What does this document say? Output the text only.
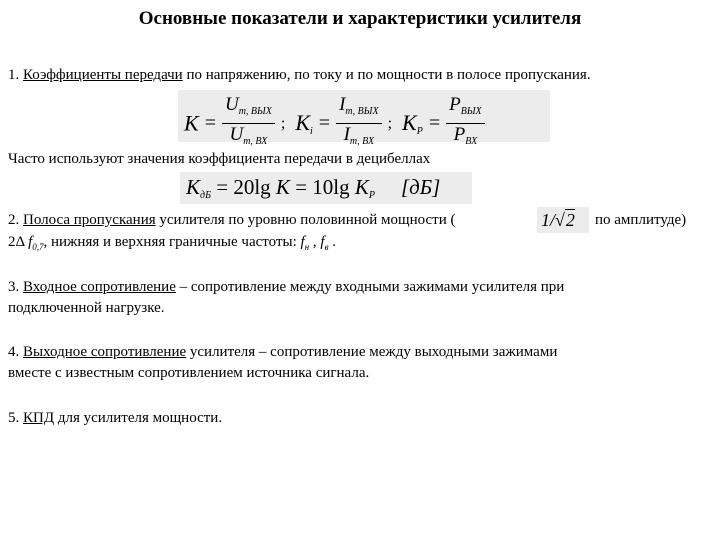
Основные показатели и характеристики усилителя
1. Коэффициенты передачи по напряжению, по току и по мощности в полосе пропускания.
$K = \frac{U_{m, ВЫХ}}{U_{m, ВХ}}$ ; $K_i = \frac{I_{m, ВЫХ}}{I_{m, ВХ}}$ ; $K_P = \frac{P_{ВЫХ}}{P_{ВХ}}$
Часто используют значения коэффициента передачи в децибеллах
$K_{дБ} = 20\lg$ K = 10lg $K_P$ [дБ]
2. Полоса пропускания усилителя по уровню половинной мощности (	1/√2	по амплитуде)
2Δ $f_{0,7}$, нижняя и верхняя граничные частоты: $f_н$ , $f_в$ .
3. Входное сопротивление – сопротивление между входными зажимами усилителя при
подключенной нагрузке.
4. Выходное сопротивление усилителя – сопротивление между выходными зажимами
вместе с известным сопротивлением источника сигнала.
5. КПД для усилителя мощности.
